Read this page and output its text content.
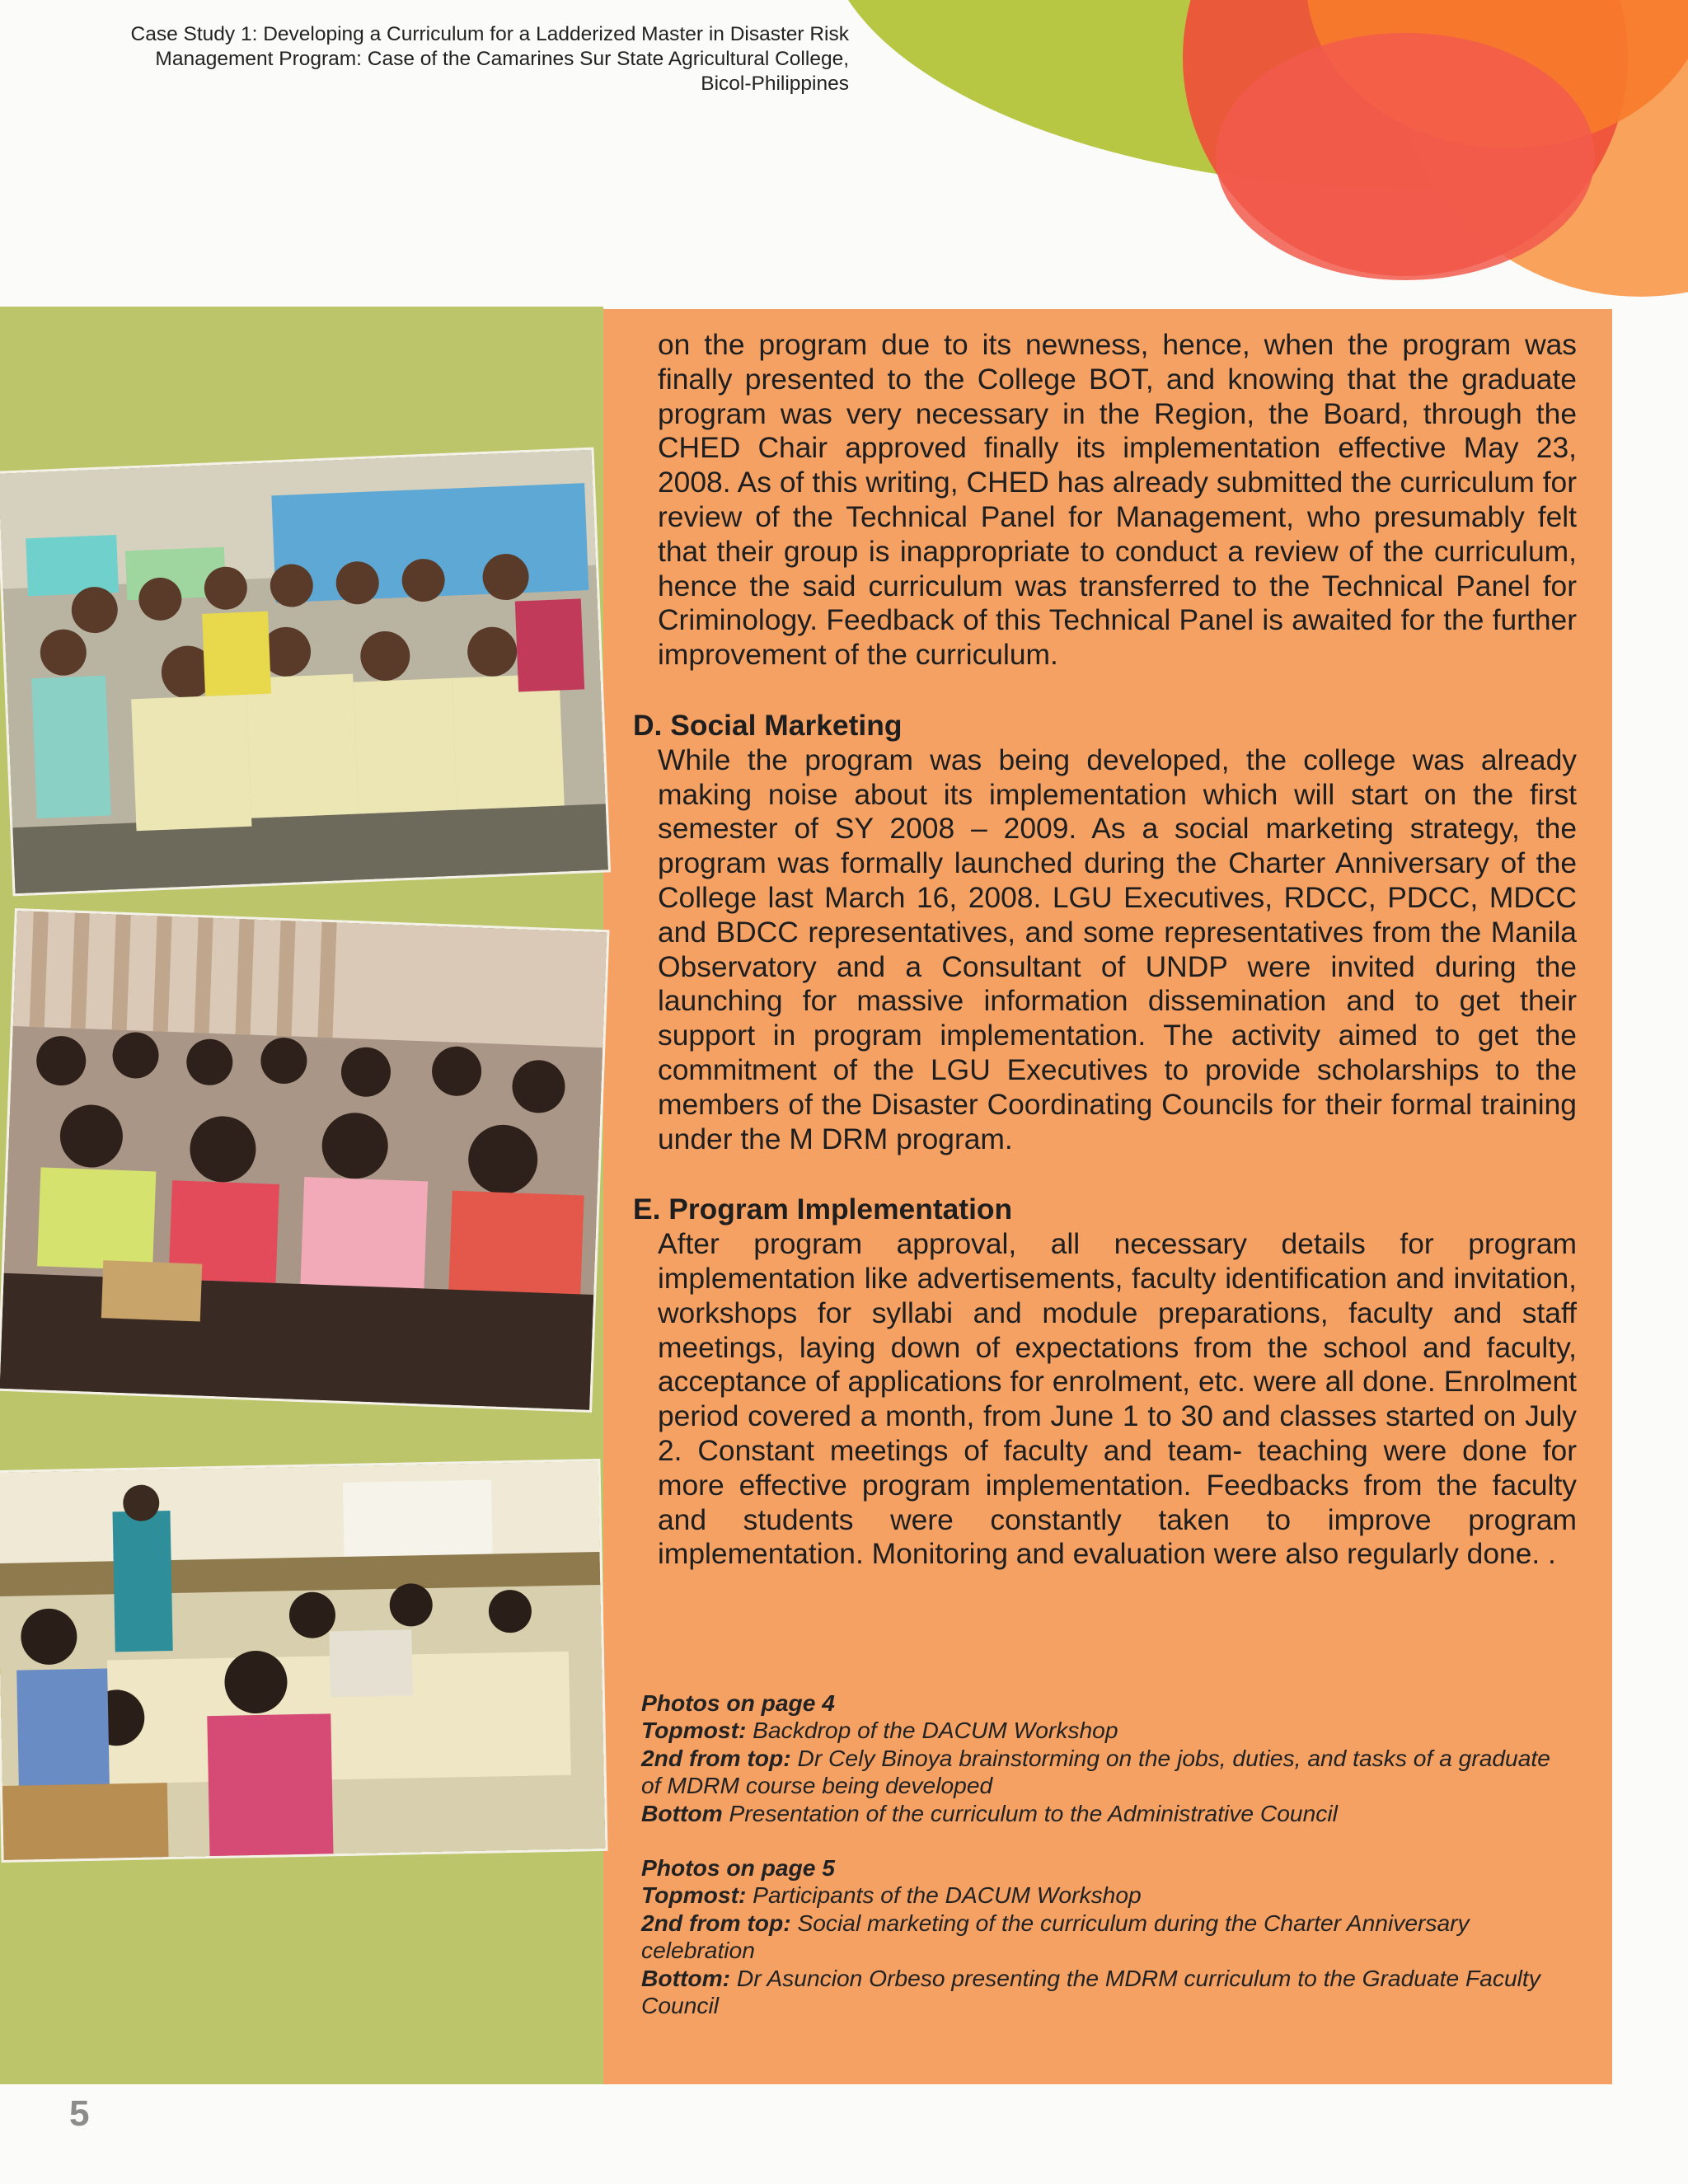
Case Study 1: Developing a Curriculum for a Ladderized Master in Disaster Risk
Management Program: Case of the Camarines Sur State Agricultural College,
Bicol-Philippines

on the program due to its newness, hence, when the program was finally presented to the College BOT, and knowing that the graduate program was very necessary in the Region, the Board, through the CHED Chair approved finally its implementation effective May 23, 2008. As of this writing, CHED has already submitted the curriculum for review of the Technical Panel for Management, who presumably felt that their group is inappropriate to conduct a review of the curriculum, hence the said curriculum was transferred to the Technical Panel for Criminology. Feedback of this Technical Panel is awaited for the further improvement of the curriculum.

D. Social Marketing

While the program was being developed, the college was already making noise about its implementation which will start on the first semester of SY 2008 – 2009. As a social marketing strategy, the program was formally launched during the Charter Anniversary of the College last March 16, 2008. LGU Executives, RDCC, PDCC, MDCC and BDCC representatives, and some representatives from the Manila Observatory and a Consultant of UNDP were invited during the launching for massive information dissemination and to get their support in program implementation. The activity aimed to get the commitment of the LGU Executives to provide scholarships to the members of the Disaster Coordinating Councils for their formal training under the M DRM program.

E. Program Implementation

After program approval, all necessary details for program implementation like advertisements, faculty identification and invitation, workshops for syllabi and module preparations, faculty and staff meetings, laying down of expectations from the school and faculty, acceptance of applications for enrolment, etc. were all done. Enrolment period covered a month, from June 1 to 30 and classes started on July 2. Constant meetings of faculty and team- teaching were done for more effective program implementation. Feedbacks from the faculty and students were constantly taken to improve program implementation. Monitoring and evaluation were also regularly done. .

Photos on page 4

Topmost: Backdrop of the DACUM Workshop

2nd from top: Dr Cely Binoya brainstorming on the jobs, duties, and tasks of a graduate of MDRM course being developed

Bottom Presentation of the curriculum to the Administrative Council

Photos on page 5

Topmost: Participants of the DACUM Workshop

2nd from top: Social marketing of the curriculum during the Charter Anniversary celebration

Bottom: Dr Asuncion Orbeso presenting the MDRM curriculum to the Graduate Faculty Council

5
